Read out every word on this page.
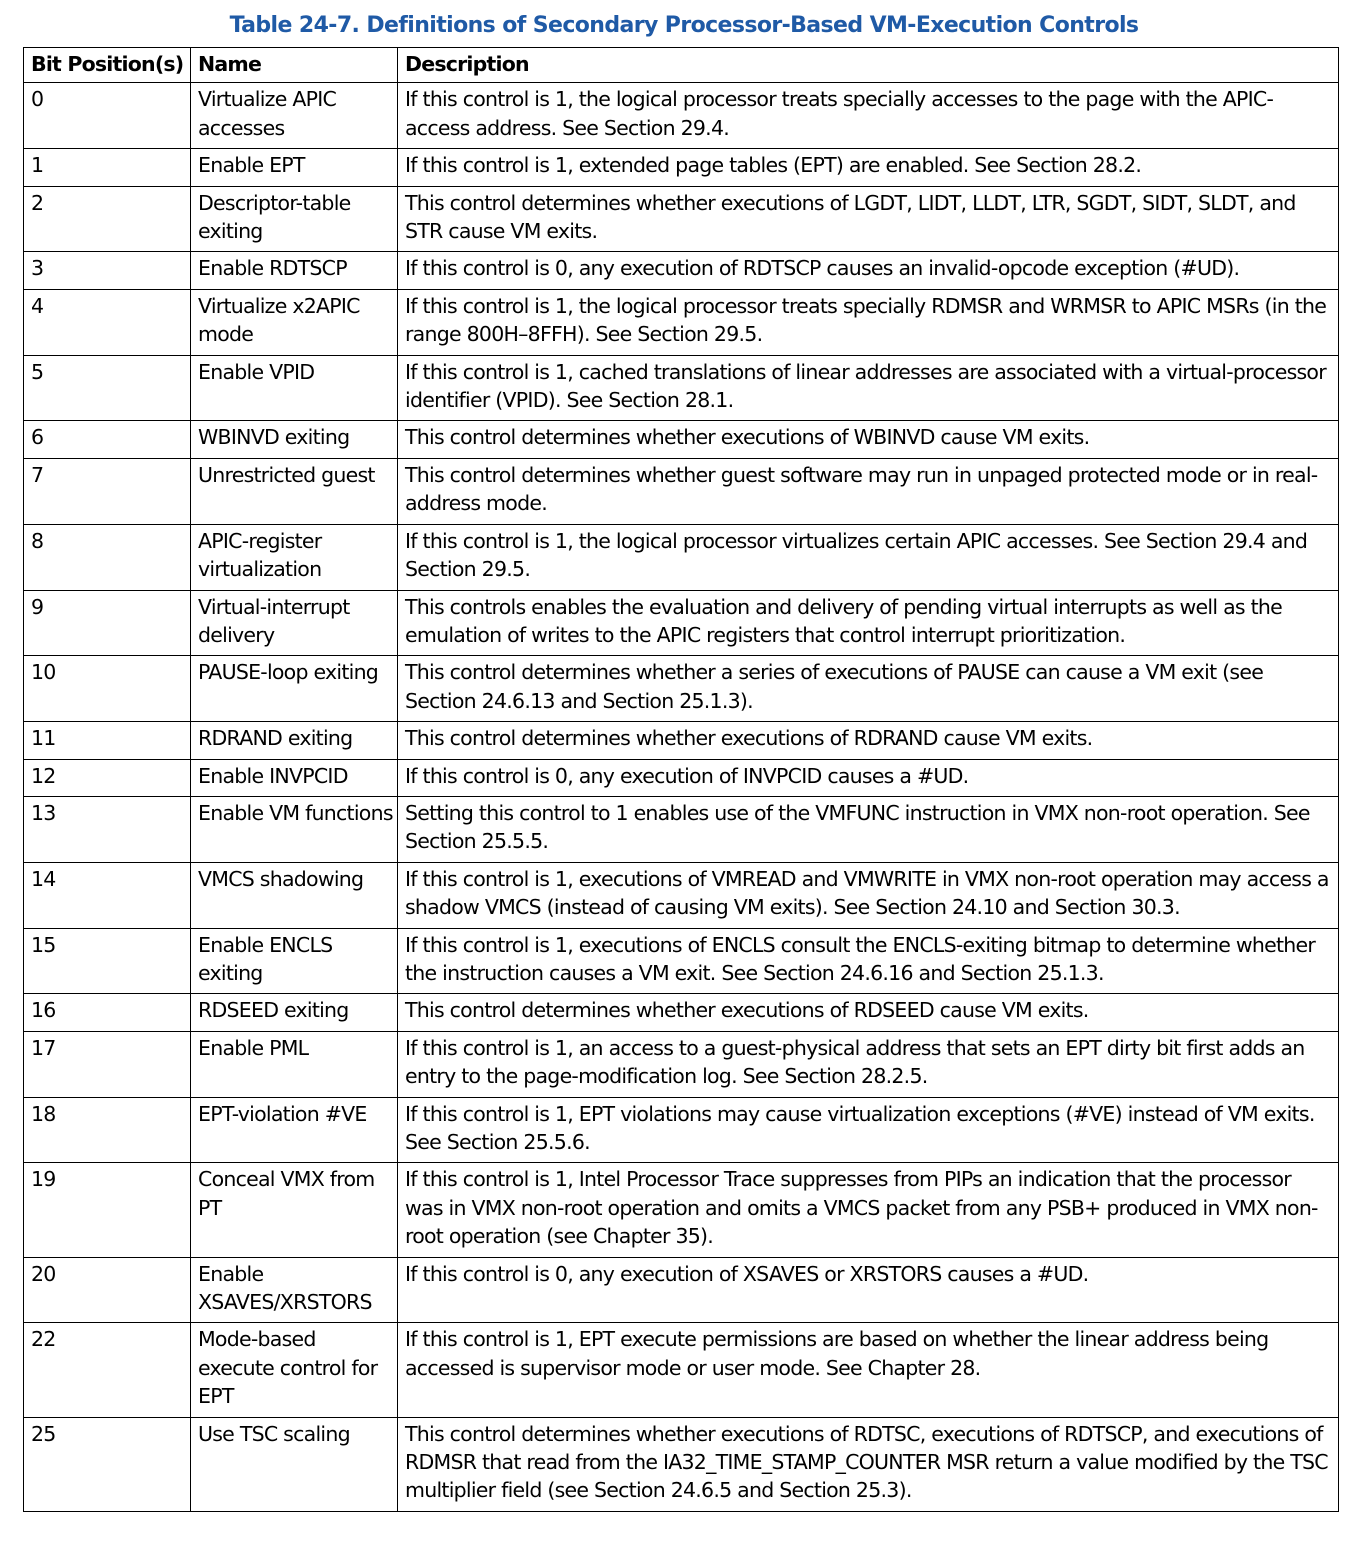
Table 24-7. Definitions of Secondary Processor-Based VM-Execution Controls
Bit Position(s)	Name	Description
0	Virtualize APIC accesses	If this control is 1, the logical processor treats specially accesses to the page with the APIC-access address. See Section 29.4.
1	Enable EPT	If this control is 1, extended page tables (EPT) are enabled. See Section 28.2.
2	Descriptor-table exiting	This control determines whether executions of LGDT, LIDT, LLDT, LTR, SGDT, SIDT, SLDT, and STR cause VM exits.
3	Enable RDTSCP	If this control is 0, any execution of RDTSCP causes an invalid-opcode exception (#UD).
4	Virtualize x2APIC mode	If this control is 1, the logical processor treats specially RDMSR and WRMSR to APIC MSRs (in the range 800H–8FFH). See Section 29.5.
5	Enable VPID	If this control is 1, cached translations of linear addresses are associated with a virtual-processor identifier (VPID). See Section 28.1.
6	WBINVD exiting	This control determines whether executions of WBINVD cause VM exits.
7	Unrestricted guest	This control determines whether guest software may run in unpaged protected mode or in real-address mode.
8	APIC-register virtualization	If this control is 1, the logical processor virtualizes certain APIC accesses. See Section 29.4 and Section 29.5.
9	Virtual-interrupt delivery	This controls enables the evaluation and delivery of pending virtual interrupts as well as the emulation of writes to the APIC registers that control interrupt prioritization.
10	PAUSE-loop exiting	This control determines whether a series of executions of PAUSE can cause a VM exit (see Section 24.6.13 and Section 25.1.3).
11	RDRAND exiting	This control determines whether executions of RDRAND cause VM exits.
12	Enable INVPCID	If this control is 0, any execution of INVPCID causes a #UD.
13	Enable VM functions	Setting this control to 1 enables use of the VMFUNC instruction in VMX non-root operation. See Section 25.5.5.
14	VMCS shadowing	If this control is 1, executions of VMREAD and VMWRITE in VMX non-root operation may access a shadow VMCS (instead of causing VM exits). See Section 24.10 and Section 30.3.
15	Enable ENCLS exiting	If this control is 1, executions of ENCLS consult the ENCLS-exiting bitmap to determine whether the instruction causes a VM exit. See Section 24.6.16 and Section 25.1.3.
16	RDSEED exiting	This control determines whether executions of RDSEED cause VM exits.
17	Enable PML	If this control is 1, an access to a guest-physical address that sets an EPT dirty bit first adds an entry to the page-modification log. See Section 28.2.5.
18	EPT-violation #VE	If this control is 1, EPT violations may cause virtualization exceptions (#VE) instead of VM exits. See Section 25.5.6.
19	Conceal VMX from PT	If this control is 1, Intel Processor Trace suppresses from PIPs an indication that the processor was in VMX non-root operation and omits a VMCS packet from any PSB+ produced in VMX non-root operation (see Chapter 35).
20	Enable XSAVES/XRSTORS	If this control is 0, any execution of XSAVES or XRSTORS causes a #UD.
22	Mode-based execute control for EPT	If this control is 1, EPT execute permissions are based on whether the linear address being accessed is supervisor mode or user mode. See Chapter 28.
25	Use TSC scaling	This control determines whether executions of RDTSC, executions of RDTSCP, and executions of RDMSR that read from the IA32_TIME_STAMP_COUNTER MSR return a value modified by the TSC multiplier field (see Section 24.6.5 and Section 25.3).
